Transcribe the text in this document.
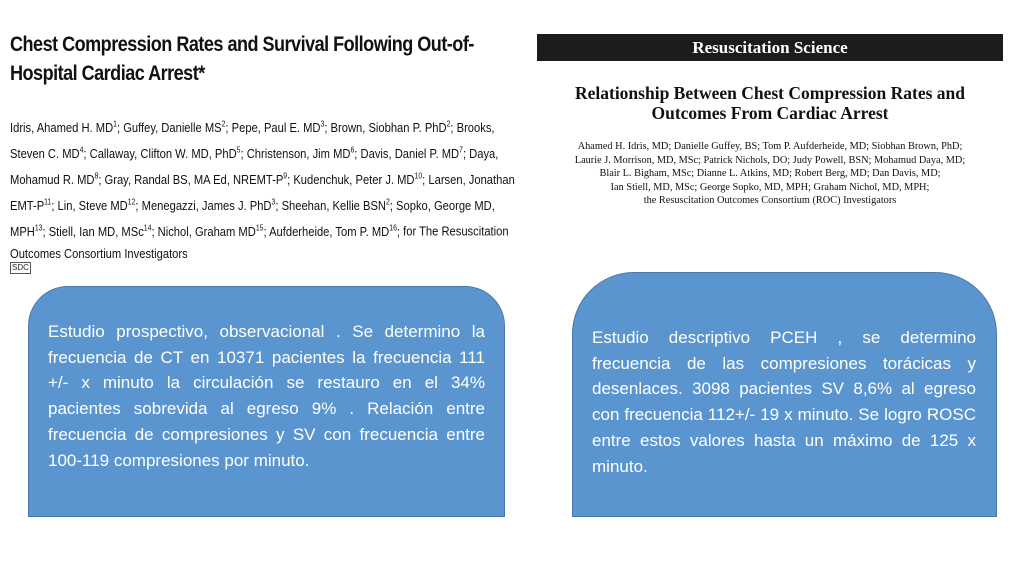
Chest Compression Rates and Survival Following Out-of-Hospital Cardiac Arrest*
Idris, Ahamed H. $MD^1$; Guffey, Danielle $MS^2$; Pepe, Paul E. $MD^3$; Brown, Siobhan P. PhD$^2$; Brooks, Steven C. $MD^4$; Callaway, Clifton W. MD, PhD$^5$; Christenson, Jim $MD^6$; Davis, Daniel P. $MD^7$; Daya, Mohamud R. $MD^8$; Gray, Randal BS, MA Ed, NREMT-$P^9$; Kudenchuk, Peter J. MD$^{10}$; Larsen, Jonathan EMT-$P^{11}$; Lin, Steve MD$^{12}$; Menegazzi, James J. PhD$^3$; Sheehan, Kellie BSN$^2$; Sopko, George MD, MPH$^{13}$; Stiell, Ian MD, MSc$^{14}$; Nichol, Graham MD$^{15}$; Aufderheide, Tom P. MD$^{16}$; for The Resuscitation Outcomes Consortium Investigators
SDC
Resuscitation Science
Relationship Between Chest Compression Rates and Outcomes From Cardiac Arrest
Ahamed H. Idris, MD; Danielle Guffey, BS; Tom P. Aufderheide, MD; Siobhan Brown, PhD;
Laurie J. Morrison, MD, MSc; Patrick Nichols, DO; Judy Powell, BSN; Mohamud Daya, MD;
Blair L. Bigham, MSc; Dianne L. Atkins, MD; Robert Berg, MD; Dan Davis, MD;
Ian Stiell, MD, MSc; George Sopko, MD, MPH; Graham Nichol, MD, MPH;
the Resuscitation Outcomes Consortium (ROC) Investigators
Estudio prospectivo, observacional . Se determino la frecuencia de CT en 10371 pacientes la frecuencia 111 +/- x minuto la circulación se restauro en el 34% pacientes sobrevida al egreso 9% . Relación entre frecuencia de compresiones y SV con frecuencia entre 100-119 compresiones por minuto.
Estudio descriptivo PCEH , se determino frecuencia de las compresiones torácicas y desenlaces. 3098 pacientes SV 8,6% al egreso con frecuencia 112+/- 19 x minuto. Se logro ROSC entre estos valores hasta un máximo de 125 x minuto.
